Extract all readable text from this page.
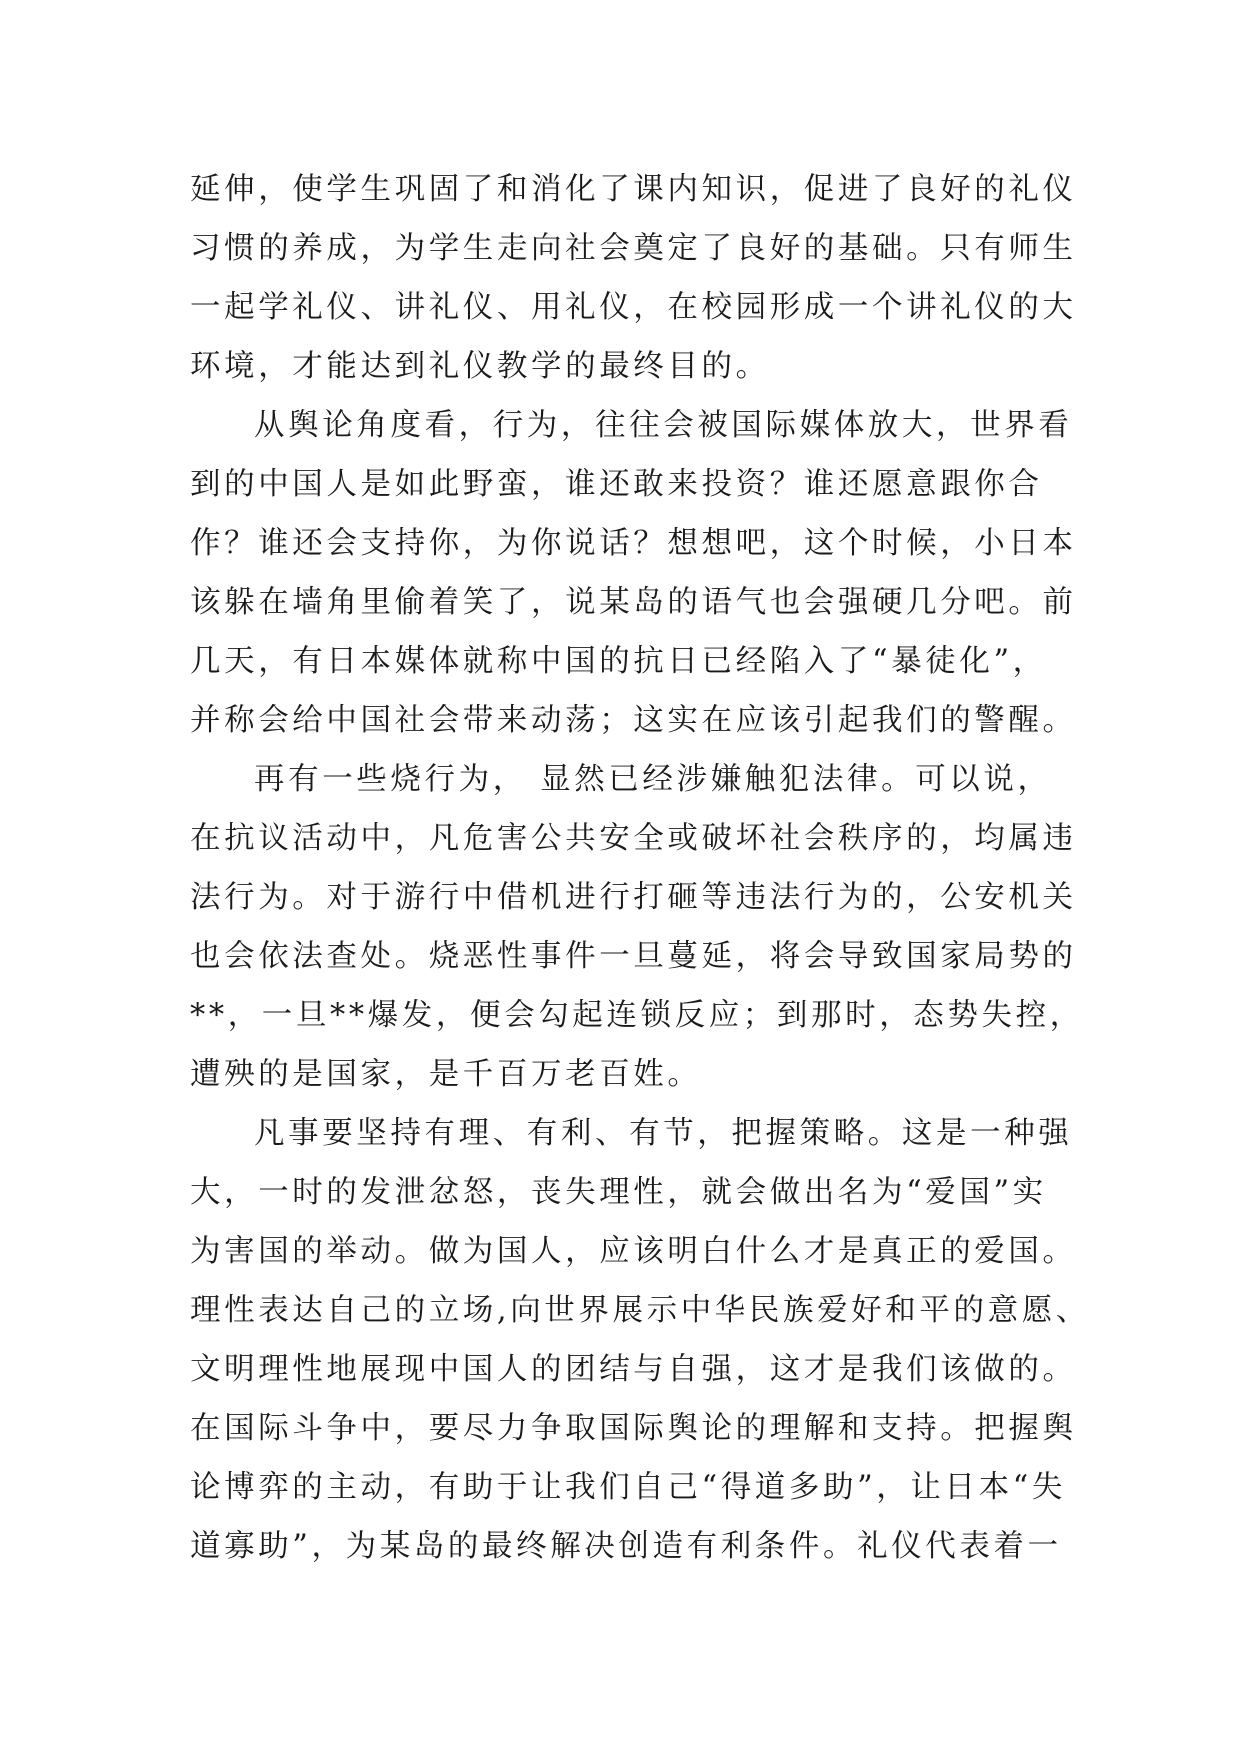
延伸，使学生巩固了和消化了课内知识，促进了良好的礼仪
习惯的养成，为学生走向社会奠定了良好的基础。只有师生
一起学礼仪、讲礼仪、用礼仪，在校园形成一个讲礼仪的大
环境，才能达到礼仪教学的最终目的。
从舆论角度看，行为，往往会被国际媒体放大，世界看
到的中国人是如此野蛮，谁还敢来投资？谁还愿意跟你合
作？谁还会支持你，为你说话？想想吧，这个时候，小日本
该躲在墙角里偷着笑了，说某岛的语气也会强硬几分吧。前
几天，有日本媒体就称中国的抗日已经陷入了“暴徒化”，
并称会给中国社会带来动荡；这实在应该引起我们的警醒。
再有一些烧行为， 显然已经涉嫌触犯法律。可以说，
在抗议活动中，凡危害公共安全或破坏社会秩序的，均属违
法行为。对于游行中借机进行打砸等违法行为的，公安机关
也会依法查处。烧恶性事件一旦蔓延，将会导致国家局势的
**，一旦**爆发，便会勾起连锁反应；到那时，态势失控，
遭殃的是国家，是千百万老百姓。
凡事要坚持有理、有利、有节，把握策略。这是一种强
大，一时的发泄忿怒，丧失理性，就会做出名为“爱国”实
为害国的举动。做为国人，应该明白什么才是真正的爱国。
理性表达自己的立场,向世界展示中华民族爱好和平的意愿、
文明理性地展现中国人的团结与自强，这才是我们该做的。
在国际斗争中，要尽力争取国际舆论的理解和支持。把握舆
论博弈的主动，有助于让我们自己“得道多助”，让日本“失
道寡助”，为某岛的最终解决创造有利条件。礼仪代表着一
